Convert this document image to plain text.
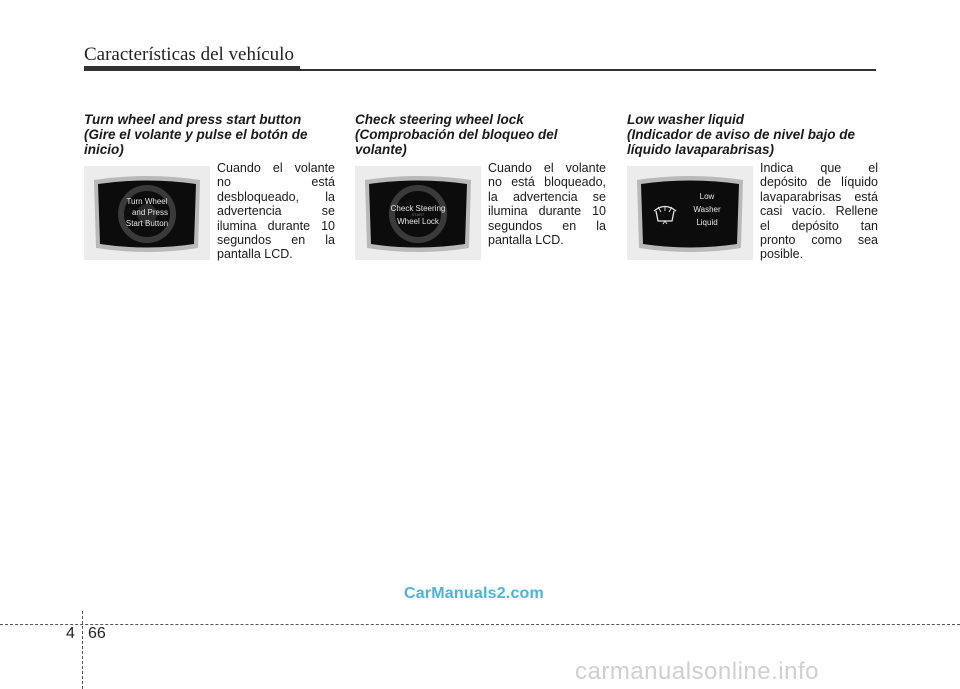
Características del vehículo
Turn wheel and press start button
(Gire el volante y pulse el botón de
inicio)
Turn Wheel
and Press
Start Button

Cuando el volante no está desbloqueado, la advertencia se ilumina durante 10 segundos en la pantalla LCD.

Check steering wheel lock
(Comprobación del bloqueo del
volante)
Check Steering
START
Wheel Lock

Cuando el volante no está bloqueado, la advertencia se ilumina durante 10 segundos en la pantalla LCD.

Low washer liquid
(Indicador de aviso de nivel bajo de
líquido lavaparabrisas)
Low
Washer
Liquid

Indica que el depósito de líquido lavaparabrisas está casi vacío. Rellene el depósito tan pronto como sea posible.

4 66
CarManuals2.com
carmanualsonline.info
